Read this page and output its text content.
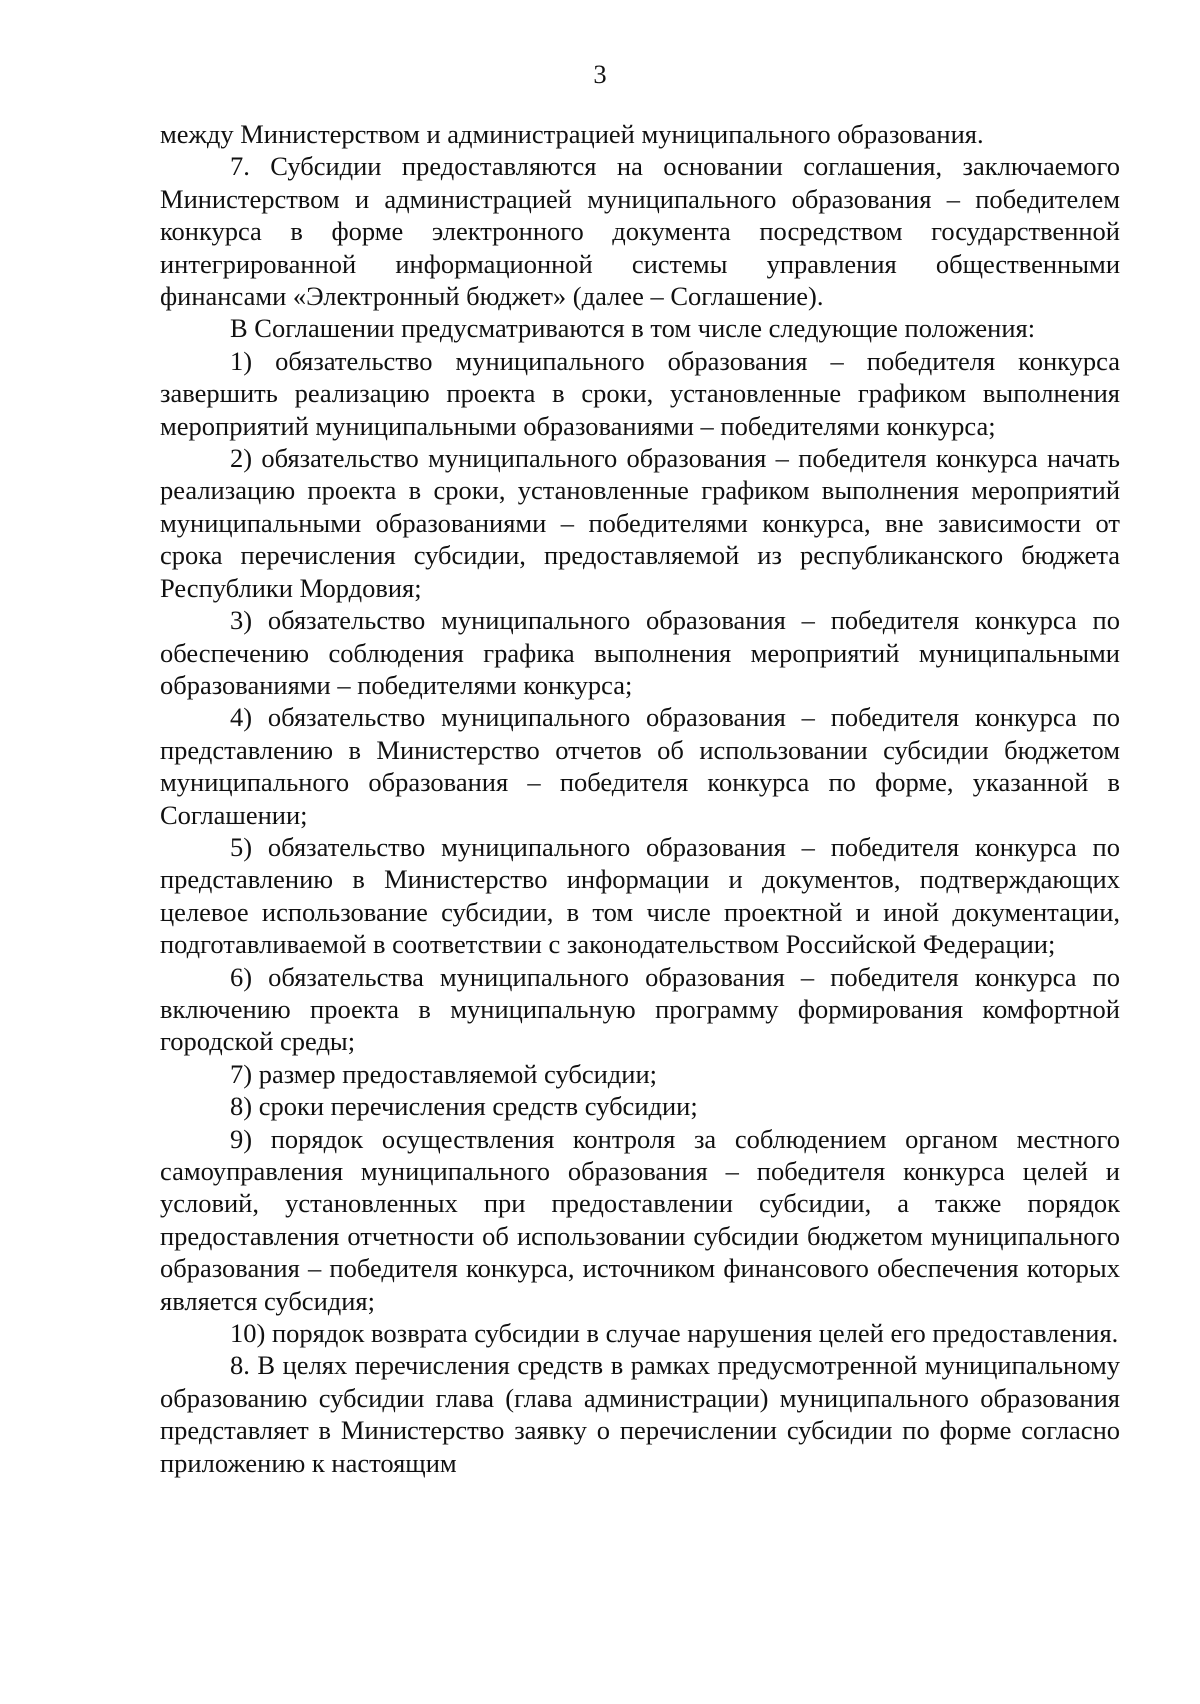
3

между Министерством и администрацией муниципального образования.

7. Субсидии предоставляются на основании соглашения, заключаемого Министерством и администрацией муниципального образования – победителем конкурса в форме электронного документа посредством государственной интегрированной информационной системы управления общественными финансами «Электронный бюджет» (далее – Соглашение).

В Соглашении предусматриваются в том числе следующие положения:

1) обязательство муниципального образования – победителя конкурса завершить реализацию проекта в сроки, установленные графиком выполнения мероприятий муниципальными образованиями – победителями конкурса;

2) обязательство муниципального образования – победителя конкурса начать реализацию проекта в сроки, установленные графиком выполнения мероприятий муниципальными образованиями – победителями конкурса, вне зависимости от срока перечисления субсидии, предоставляемой из республиканского бюджета Республики Мордовия;

3) обязательство муниципального образования – победителя конкурса по обеспечению соблюдения графика выполнения мероприятий муниципальными образованиями – победителями конкурса;

4) обязательство муниципального образования – победителя конкурса по представлению в Министерство отчетов об использовании субсидии бюджетом муниципального образования – победителя конкурса по форме, указанной в Соглашении;

5) обязательство муниципального образования – победителя конкурса по представлению в Министерство информации и документов, подтверждающих целевое использование субсидии, в том числе проектной и иной документации, подготавливаемой в соответствии с законодательством Российской Федерации;

6) обязательства муниципального образования – победителя конкурса по включению проекта в муниципальную программу формирования комфортной городской среды;

7) размер предоставляемой субсидии;

8) сроки перечисления средств субсидии;

9) порядок осуществления контроля за соблюдением органом местного самоуправления муниципального образования – победителя конкурса целей и условий, установленных при предоставлении субсидии, а также порядок предоставления отчетности об использовании субсидии бюджетом муниципального образования – победителя конкурса, источником финансового обеспечения которых является субсидия;

10) порядок возврата субсидии в случае нарушения целей его предоставления.

8. В целях перечисления средств в рамках предусмотренной муниципальному образованию субсидии глава (глава администрации) муниципального образования представляет в Министерство заявку о перечислении субсидии по форме согласно приложению к настоящим
